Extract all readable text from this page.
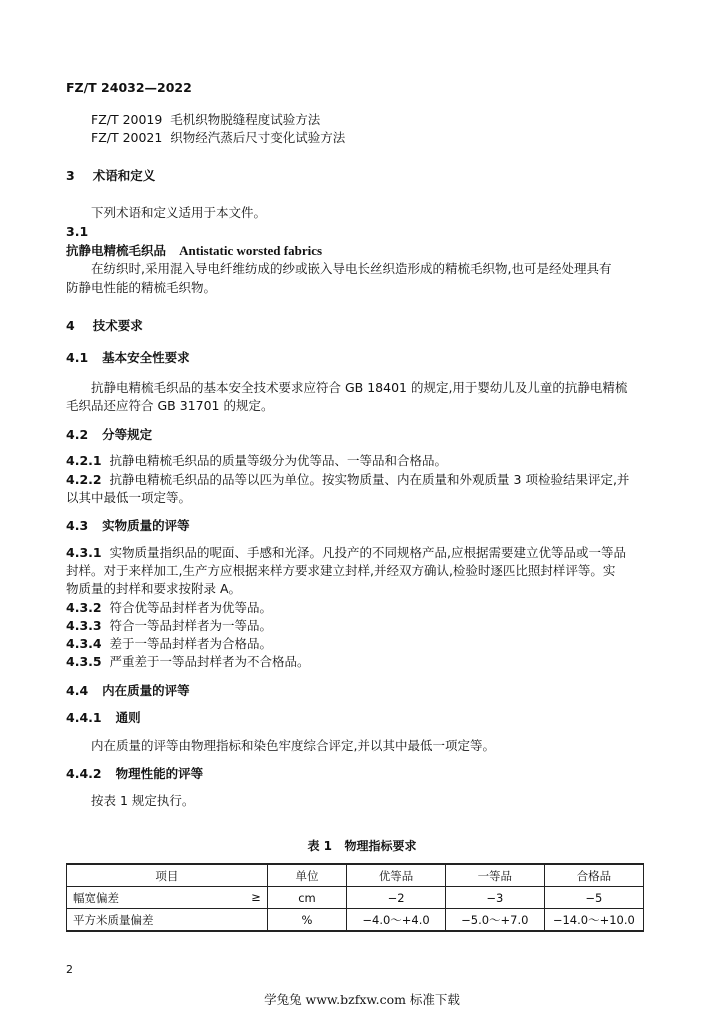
FZ/T 24032—2022
FZ/T 20019 毛机织物脱缝程度试验方法
FZ/T 20021 织物经汽蒸后尺寸变化试验方法
3 术语和定义
下列术语和定义适用于本文件。
3.1
抗静电精梳毛织品 Antistatic worsted fabrics
在纺织时,采用混入导电纤维纺成的纱或嵌入导电长丝织造形成的精梳毛织物,也可是经处理具有
防静电性能的精梳毛织物。
4 技术要求
4.1 基本安全性要求
抗静电精梳毛织品的基本安全技术要求应符合 GB 18401 的规定,用于婴幼儿及儿童的抗静电精梳
毛织品还应符合 GB 31701 的规定。
4.2 分等规定
4.2.1 抗静电精梳毛织品的质量等级分为优等品、一等品和合格品。
4.2.2 抗静电精梳毛织品的品等以匹为单位。按实物质量、内在质量和外观质量 3 项检验结果评定,并
以其中最低一项定等。
4.3 实物质量的评等
4.3.1 实物质量指织品的呢面、手感和光泽。凡投产的不同规格产品,应根据需要建立优等品或一等品
封样。对于来样加工,生产方应根据来样方要求建立封样,并经双方确认,检验时逐匹比照封样评等。实
物质量的封样和要求按附录 A。
4.3.2 符合优等品封样者为优等品。
4.3.3 符合一等品封样者为一等品。
4.3.4 差于一等品封样者为合格品。
4.3.5 严重差于一等品封样者为不合格品。
4.4 内在质量的评等
4.4.1 通则
内在质量的评等由物理指标和染色牢度综合评定,并以其中最低一项定等。
4.4.2 物理性能的评等
按表 1 规定执行。
表 1 物理指标要求
项目	单位	优等品	一等品	合格品

幅宽偏差 ≥	cm	−2	−3	−5

平方米质量偏差	%	−4.0～+4.0	−5.0～+7.0	−14.0～+10.0
2
学兔兔 www.bzfxw.com 标准下载
